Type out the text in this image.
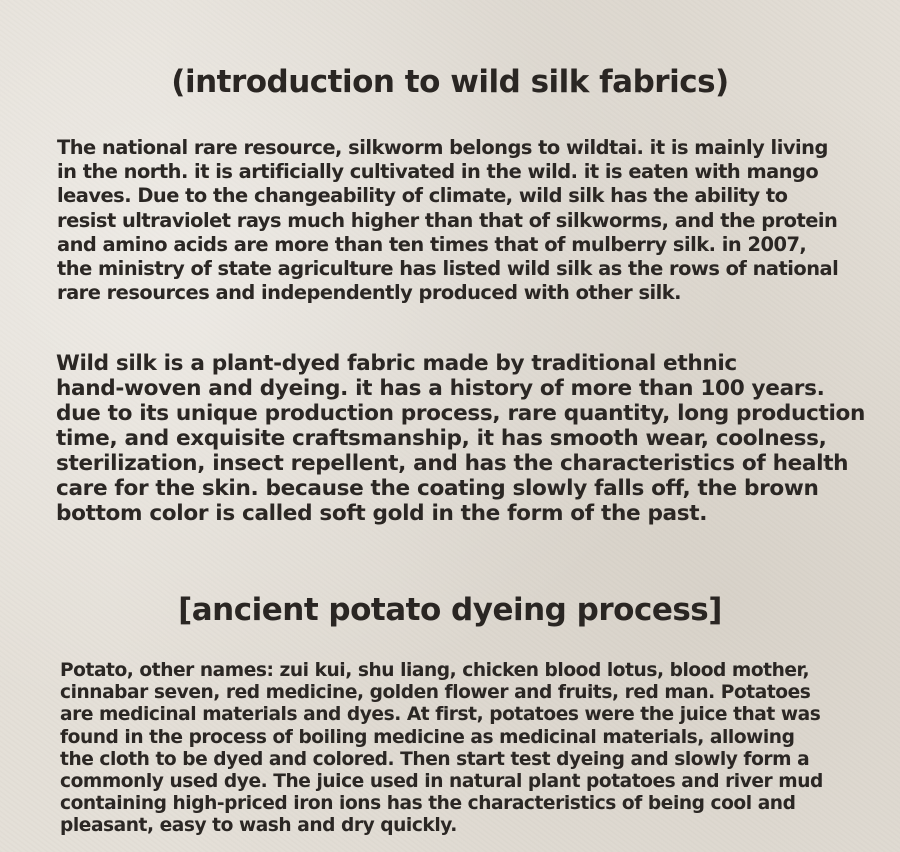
(introduction to wild silk fabrics)

The national rare resource, silkworm belongs to wildtai. it is mainly living
in the north. it is artificially cultivated in the wild. it is eaten with mango
leaves. Due to the changeability of climate, wild silk has the ability to
resist ultraviolet rays much higher than that of silkworms, and the protein
and amino acids are more than ten times that of mulberry silk. in 2007,
the ministry of state agriculture has listed wild silk as the rows of national
rare resources and independently produced with other silk.

Wild silk is a plant-dyed fabric made by traditional ethnic
hand-woven and dyeing. it has a history of more than 100 years.
due to its unique production process, rare quantity, long production
time, and exquisite craftsmanship, it has smooth wear, coolness,
sterilization, insect repellent, and has the characteristics of health
care for the skin. because the coating slowly falls off, the brown
bottom color is called soft gold in the form of the past.

[ancient potato dyeing process]

Potato, other names: zui kui, shu liang, chicken blood lotus, blood mother,
cinnabar seven, red medicine, golden flower and fruits, red man. Potatoes
are medicinal materials and dyes. At first, potatoes were the juice that was
found in the process of boiling medicine as medicinal materials, allowing
the cloth to be dyed and colored. Then start test dyeing and slowly form a
commonly used dye. The juice used in natural plant potatoes and river mud
containing high-priced iron ions has the characteristics of being cool and
pleasant, easy to wash and dry quickly.
